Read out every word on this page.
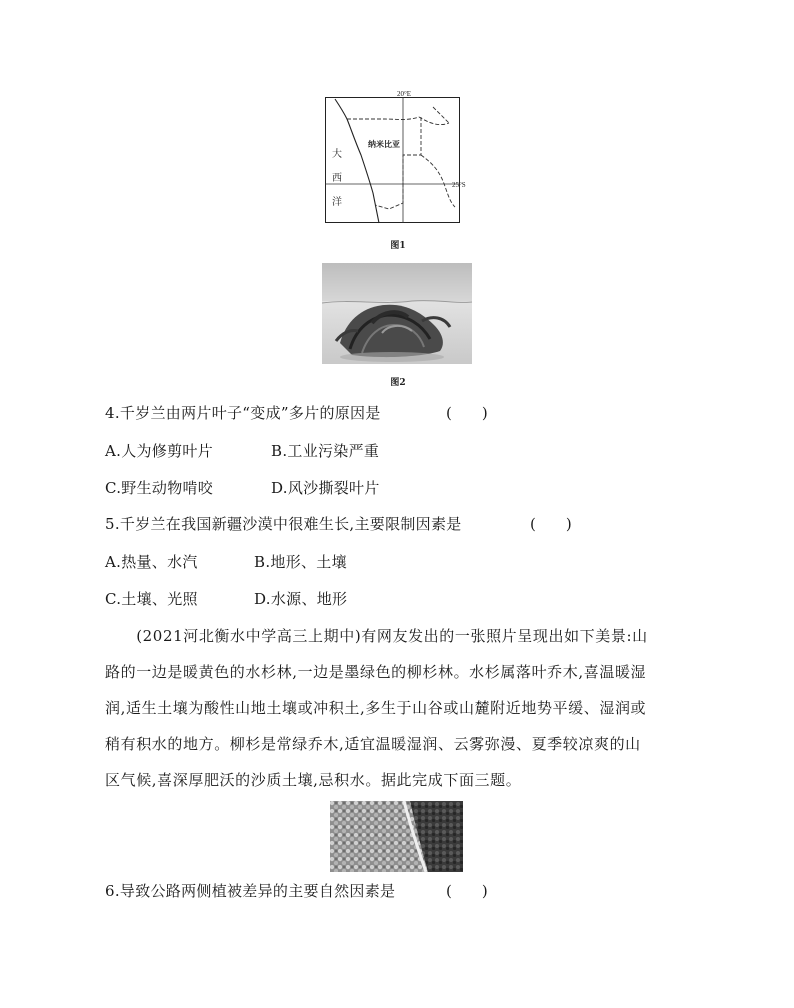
20°E
25°S
纳米比亚
大
西
洋
图1
图2
4.千岁兰由两片叶子“变成”多片的原因是	(　　)
A.人为修剪叶片	B.工业污染严重
C.野生动物啃咬	D.风沙撕裂叶片
5.千岁兰在我国新疆沙漠中很难生长,主要限制因素是	(　　)
A.热量、水汽	B.地形、土壤
C.土壤、光照	D.水源、地形
　　(2021河北衡水中学高三上期中)有网友发出的一张照片呈现出如下美景:山
路的一边是暖黄色的水杉林,一边是墨绿色的柳杉林。水杉属落叶乔木,喜温暖湿
润,适生土壤为酸性山地土壤或冲积土,多生于山谷或山麓附近地势平缓、湿润或
稍有积水的地方。柳杉是常绿乔木,适宜温暖湿润、云雾弥漫、夏季较凉爽的山
区气候,喜深厚肥沃的沙质土壤,忌积水。据此完成下面三题。
6.导致公路两侧植被差异的主要自然因素是	(　　)
